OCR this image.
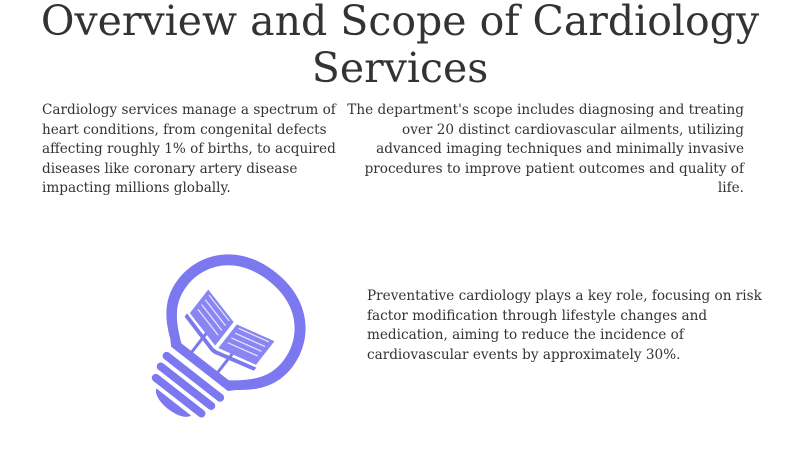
Overview and Scope of Cardiology
Services

Cardiology services manage a spectrum of heart conditions, from congenital defects affecting roughly 1% of births, to acquired diseases like coronary artery disease impacting millions globally.

The department's scope includes diagnosing and treating over 20 distinct cardiovascular ailments, utilizing advanced imaging techniques and minimally invasive procedures to improve patient outcomes and quality of life.

Preventative cardiology plays a key role, focusing on risk factor modification through lifestyle changes and medication, aiming to reduce the incidence of cardiovascular events by approximately 30%.
